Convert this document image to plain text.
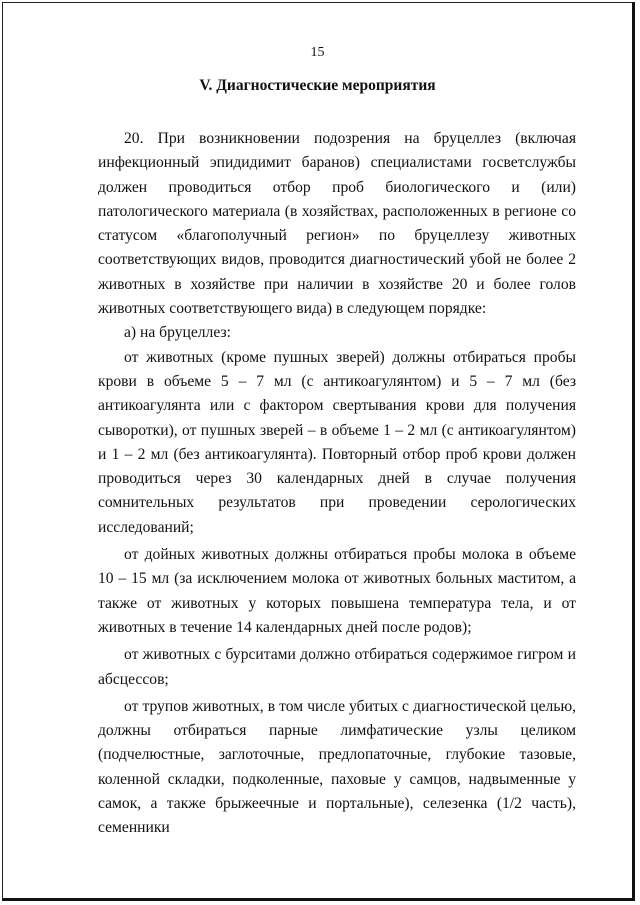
15
V. Диагностические мероприятия

20. При возникновении подозрения на бруцеллез (включая инфекционный эпидидимит баранов) специалистами госветслужбы должен проводиться отбор проб биологического и (или) патологического материала (в хозяйствах, расположенных в регионе со статусом «благополучный регион» по бруцеллезу животных соответствующих видов, проводится диагностический убой не более 2 животных в хозяйстве при наличии в хозяйстве 20 и более голов животных соответствующего вида) в следующем порядке:

а) на бруцеллез:

от животных (кроме пушных зверей) должны отбираться пробы крови в объеме 5 – 7 мл (с антикоагулянтом) и 5 – 7 мл (без антикоагулянта или с фактором свертывания крови для получения сыворотки), от пушных зверей – в объеме 1 – 2 мл (с антикоагулянтом) и 1 – 2 мл (без антикоагулянта). Повторный отбор проб крови должен проводиться через 30 календарных дней в случае получения сомнительных результатов при проведении серологических исследований;

от дойных животных должны отбираться пробы молока в объеме 10 – 15 мл (за исключением молока от животных больных маститом, а также от животных у которых повышена температура тела, и от животных в течение 14 календарных дней после родов);

от животных с бурситами должно отбираться содержимое гигром и абсцессов;

от трупов животных, в том числе убитых с диагностической целью, должны отбираться парные лимфатические узлы целиком (подчелюстные, заглоточные, предлопаточные, глубокие тазовые, коленной складки, подколенные, паховые у самцов, надвыменные у самок, а также брыжеечные и портальные), селезенка (1/2 часть), семенники
